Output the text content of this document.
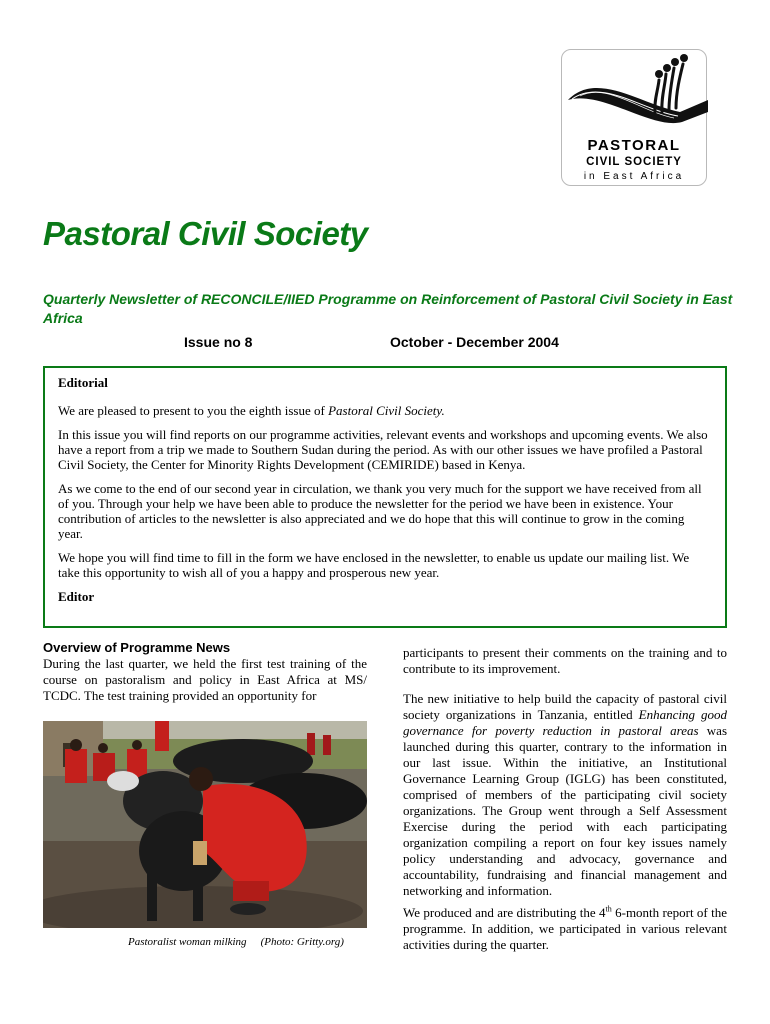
PASTORAL
CIVIL SOCIETY
in East Africa
Pastoral Civil Society
Quarterly Newsletter of RECONCILE/IIED Programme on Reinforcement of Pastoral Civil Society in East Africa
Issue no 8	October - December 2004

Editorial

We are pleased to present to you the eighth issue of Pastoral Civil Society.

In this issue you will find reports on our programme activities, relevant events and workshops and upcoming events. We also have a report from a trip we made to Southern Sudan during the period. As with our other issues we have profiled a Pastoral Civil Society, the Center for Minority Rights Development (CEMIRIDE) based in Kenya.

As we come to the end of our second year in circulation, we thank you very much for the support we have received from all of you. Through your help we have been able to produce the newsletter for the period we have been in existence. Your contribution of articles to the newsletter is also appreciated and we do hope that this will continue to grow in the coming year.

We hope you will find time to fill in the form we have enclosed in the newsletter, to enable us update our mailing list. We take this opportunity to wish all of you a happy and prosperous new year.

Editor

Overview of Programme News

During the last quarter, we held the first test training of the course on pastoralism and policy in East Africa at MS/ TCDC. The test training provided an opportunity for

Pastoralist woman milking (Photo: Gritty.org)

participants to present their comments on the training and to contribute to its improvement.

The new initiative to help build the capacity of pastoral civil society organizations in Tanzania, entitled Enhancing good governance for poverty reduction in pastoral areas was launched during this quarter, contrary to the information in our last issue. Within the initiative, an Institutional Governance Learning Group (IGLG) has been constituted, comprised of members of the participating civil society organizations. The Group went through a Self Assessment Exercise during the period with each participating organization compiling a report on four key issues namely policy understanding and advocacy, governance and accountability, fundraising and financial management and networking and information.

We produced and are distributing the 4th 6-month report of the programme. In addition, we participated in various relevant activities during the quarter.
